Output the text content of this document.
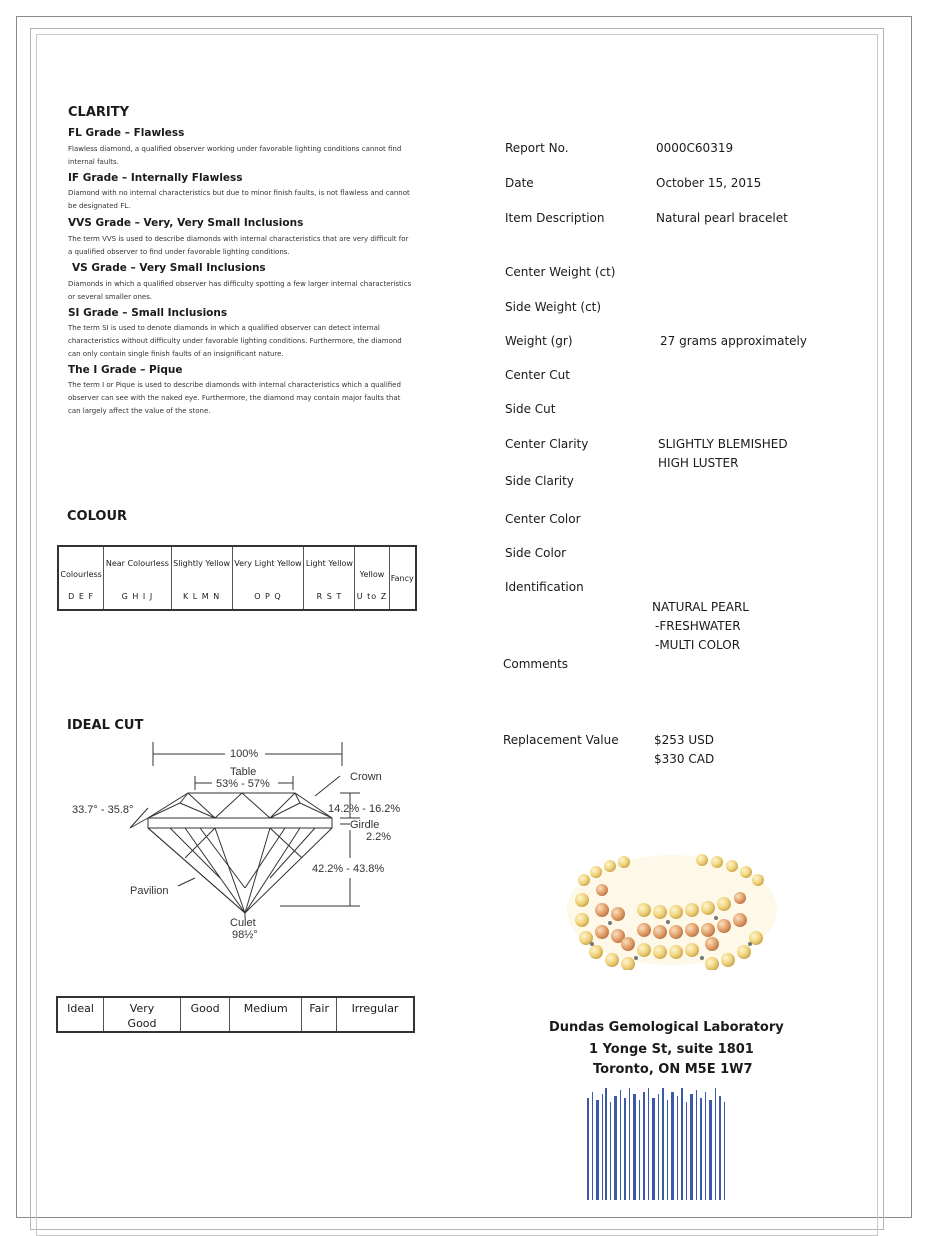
CLARITY
FL Grade – Flawless
Flawless diamond, a qualified observer working under favorable lighting conditions cannot find internal faults.
IF Grade – Internally Flawless
Diamond with no internal characteristics but due to minor finish faults, is not flawless and cannot be designated FL.
VVS Grade – Very, Very Small Inclusions
The term VVS is used to describe diamonds with internal characteristics that are very difficult for a qualified observer to find under favorable lighting conditions.
VS Grade – Very Small Inclusions
Diamonds in which a qualified observer has difficulty spotting a few larger internal characteristics or several smaller ones.
SI Grade – Small Inclusions
The term SI is used to denote diamonds in which a qualified observer can detect internal characteristics without difficulty under favorable lighting conditions. Furthermore, the diamond can only contain single finish faults of an insignificant nature.
The I Grade – Pique
The term I or Pique is used to describe diamonds with internal characteristics which a qualified observer can see with the naked eye. Furthermore, the diamond may contain major faults that can largely affect the value of the stone.
COLOUR
Colourless
D E F

Near Colourless
G H I J

Slightly Yellow
K L M N

Very Light Yellow
O P Q

Light Yellow
R S T

Yellow
U to Z
	Fancy
IDEAL CUT
100%
Table
53% - 57%
Crown
33.7° - 35.8°	14.2% - 16.2%
Girdle
2.2%
42.2% - 43.8%
Pavilion
Culet
98½°
Ideal	Very Good	Good	Medium	Fair	Irregular
Report No.	0000C60319
Date	October 15, 2015
Item Description	Natural pearl bracelet
Center Weight (ct)
Side Weight (ct)
Weight (gr)	27 grams approximately
Center Cut
Side Cut
Center Clarity	SLIGHTLY BLEMISHED
HIGH LUSTER
Side Clarity
Center Color
Side Color
Identification
NATURAL PEARL
-FRESHWATER
-MULTI COLOR
Comments
Replacement Value	$253 USD
$330 CAD
Dundas Gemological Laboratory
1 Yonge St, suite 1801
Toronto, ON M5E 1W7
